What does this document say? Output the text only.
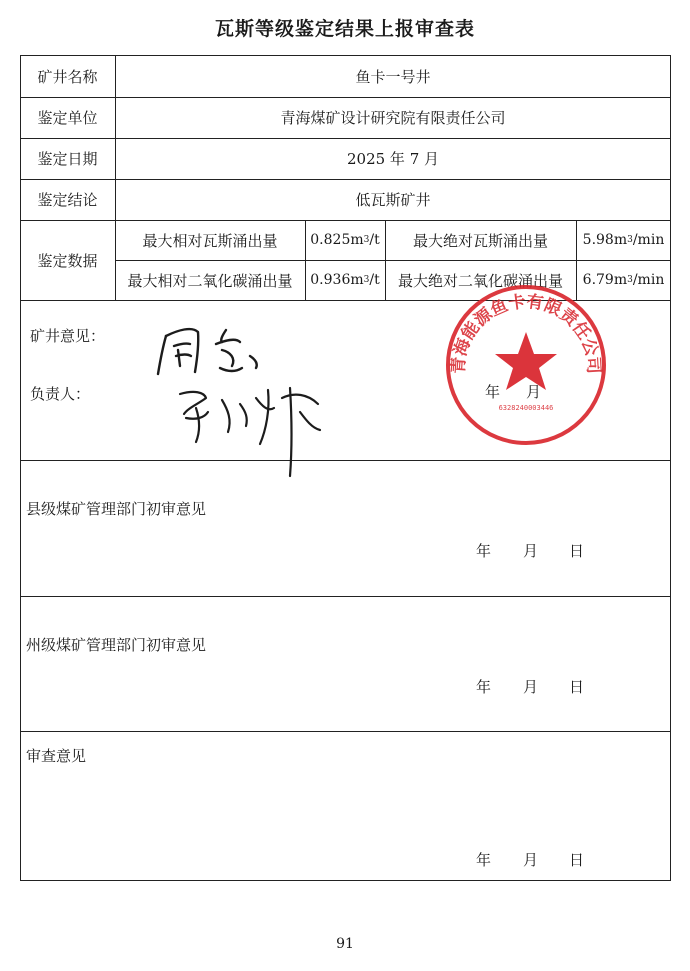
瓦斯等级鉴定结果上报审查表
矿井名称	鱼卡一号井
鉴定单位	青海煤矿设计研究院有限责任公司
鉴定日期	2025 年 7 月
鉴定结论	低瓦斯矿井
鉴定数据
最大相对瓦斯涌出量	0.825 m 3 /t	最大绝对瓦斯涌出量	5.98 m 3 /min
最大相对二氧化碳涌出量	0.936 m 3 /t	最大绝对二氧化碳涌出量	6.79 m 3 /min
矿井意见：
负责人：
县级煤矿管理部门初审意见
年 月 日
州级煤矿管理部门初审意见
年 月 日
审查意见
年 月 日
青海能源鱼卡有限责任公司
6328240003446
年 月
91
